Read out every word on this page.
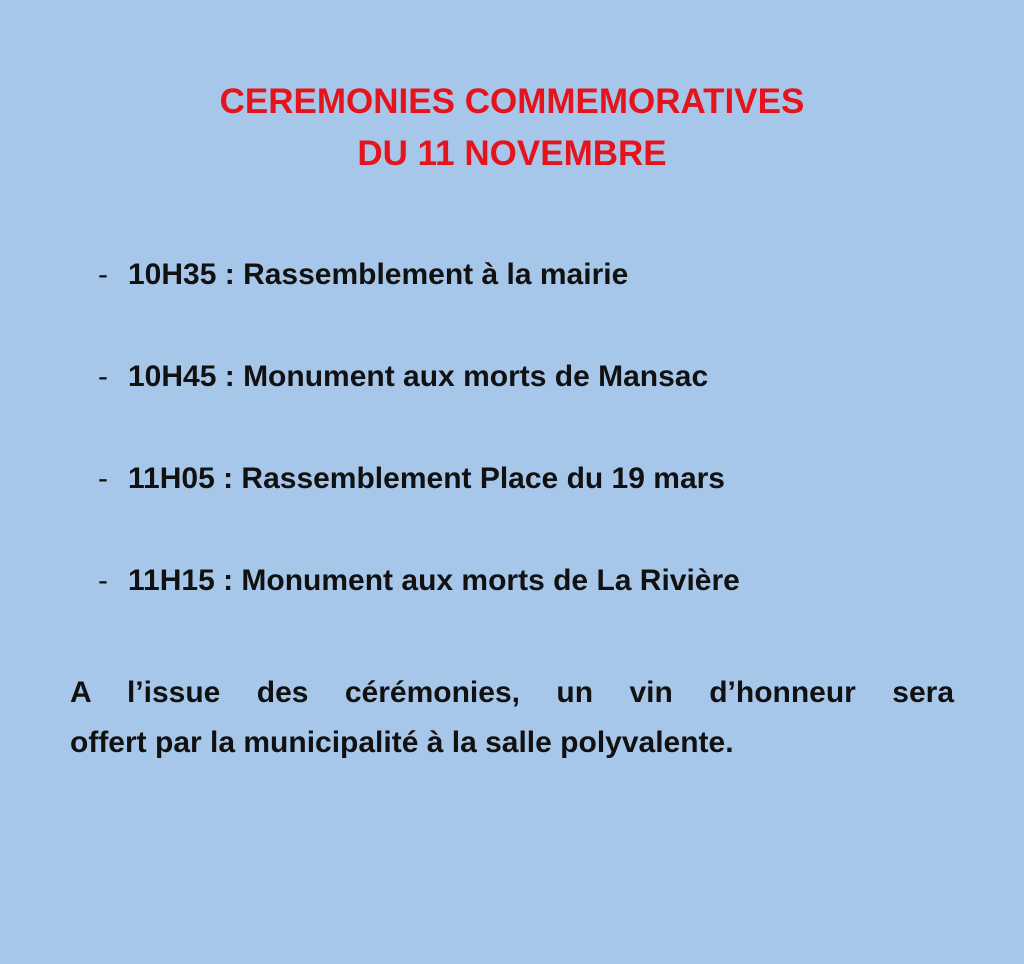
CEREMONIES COMMEMORATIVES
DU 11 NOVEMBRE
- 10H35 : Rassemblement à la mairie
- 10H45 : Monument aux morts de Mansac
- 11H05 : Rassemblement Place du 19 mars
- 11H15 : Monument aux morts de La Rivière

A l’issue des cérémonies, un vin d’honneur sera
offert par la municipalité à la salle polyvalente.
